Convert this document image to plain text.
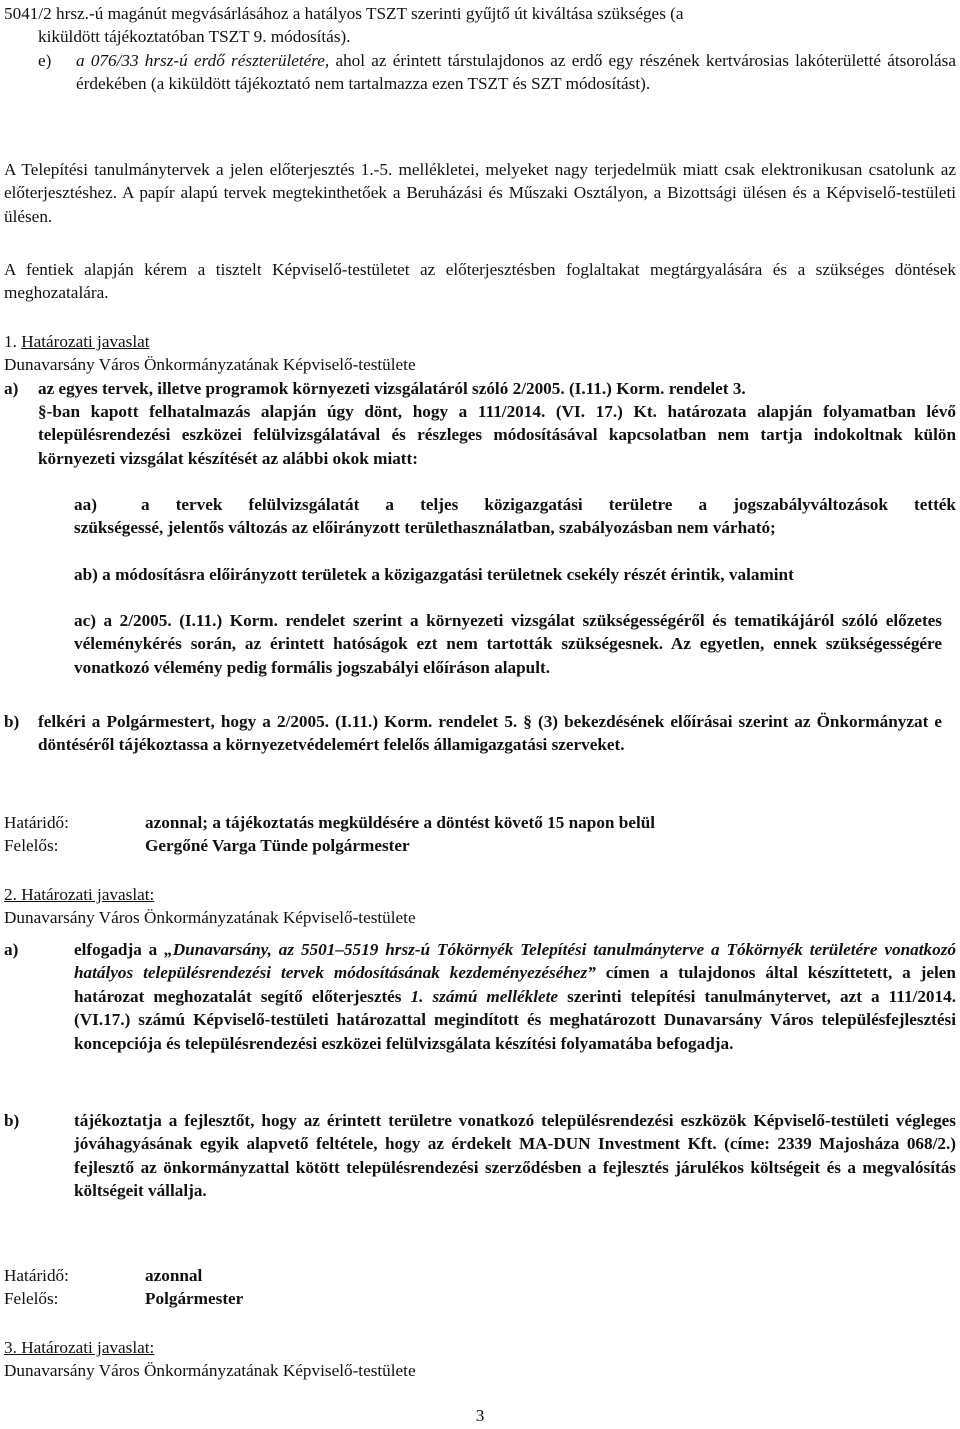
5041/2 hrsz.-ú magánút megvásárlásához a hatályos TSZT szerinti gyűjtő út kiváltása szükséges (a
kiküldött tájékoztatóban TSZT 9. módosítás).
e) a 076/33 hrsz-ú erdő részterületére, ahol az érintett társtulajdonos az erdő egy részének kertvárosias lakóterületté átsorolása érdekében (a kiküldött tájékoztató nem tartalmazza ezen TSZT és SZT módosítást).

A Telepítési tanulmánytervek a jelen előterjesztés 1.-5. mellékletei, melyeket nagy terjedelmük miatt csak elektronikusan csatolunk az előterjesztéshez. A papír alapú tervek megtekinthetőek a Beruházási és Műszaki Osztályon, a Bizottsági ülésen és a Képviselő-testületi ülésen.

A fentiek alapján kérem a tisztelt Képviselő-testületet az előterjesztésben foglaltakat megtárgyalására és a szükséges döntések meghozatalára.

1. Határozati javaslat
Dunavarsány Város Önkormányzatának Képviselő-testülete
a) az egyes tervek, illetve programok környezeti vizsgálatáról szóló 2/2005. (I.11.) Korm. rendelet 3.

§-ban kapott felhatalmazás alapján úgy dönt, hogy a 111/2014. (VI. 17.) Kt. határozata alapján folyamatban lévő településrendezési eszközei felülvizsgálatával és részleges módosításával kapcsolatban nem tartja indokoltnak külön környezeti vizsgálat készítését az alábbi okok miatt:

aa)	a tervek felülvizsgálatát a teljes közigazgatási területre a jogszabályváltozások tették

szükségessé, jelentős változás az előirányzott területhasználatban, szabályozásban nem várható;

ab) a módosításra előirányzott területek a közigazgatási területnek csekély részét érintik, valamint

ac) a 2/2005. (I.11.) Korm. rendelet szerint a környezeti vizsgálat szükségességéről és tematikájáról szóló előzetes véleménykérés során, az érintett hatóságok ezt nem tartották szükségesnek. Az egyetlen, ennek szükségességére vonatkozó vélemény pedig formális jogszabályi előíráson alapult.

b) felkéri a Polgármestert, hogy a 2/2005. (I.11.) Korm. rendelet 5. § (3) bekezdésének előírásai szerint az Önkormányzat e döntéséről tájékoztassa a környezetvédelemért felelős államigazgatási szerveket.

Határidő:	azonnal; a tájékoztatás megküldésére a döntést követő 15 napon belül
Felelős:	Gergőné Varga Tünde polgármester
2. Határozati javaslat:
Dunavarsány Város Önkormányzatának Képviselő-testülete
a)	elfogadja a „Dunavarsány, az 5501–5519 hrsz-ú Tókörnyék Telepítési tanulmányterve a Tókörnyék területére vonatkozó hatályos településrendezési tervek módosításának kezdeményezéséhez” címen a tulajdonos által készíttetett, a jelen határozat meghozatalát segítő előterjesztés 1. számú melléklete szerinti telepítési tanulmánytervet, azt a 111/2014. (VI.17.) számú Képviselő-testületi határozattal megindított és meghatározott Dunavarsány Város településfejlesztési koncepciója és településrendezési eszközei felülvizsgálata készítési folyamatába befogadja.

b)	tájékoztatja a fejlesztőt, hogy az érintett területre vonatkozó településrendezési eszközök Képviselő-testületi végleges jóváhagyásának egyik alapvető feltétele, hogy az érdekelt MA-DUN Investment Kft. (címe: 2339 Majosháza 068/2.) fejlesztő az önkormányzattal kötött településrendezési szerződésben a fejlesztés járulékos költségeit és a megvalósítás költségeit vállalja.

Határidő:	azonnal
Felelős:	Polgármester
3. Határozati javaslat:
Dunavarsány Város Önkormányzatának Képviselő-testülete
3
